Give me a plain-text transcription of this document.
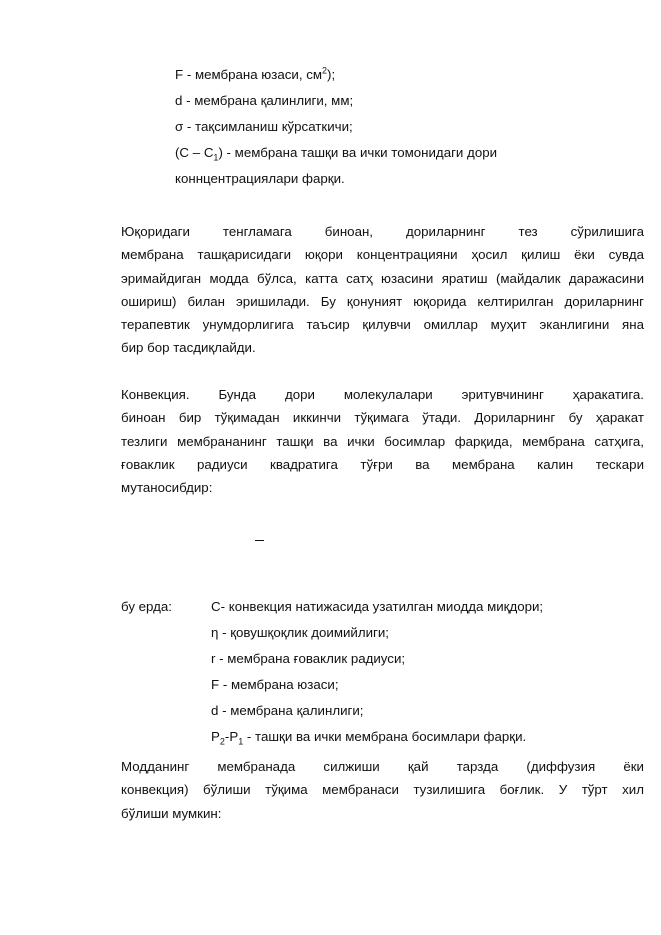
F - мембрана юзаси, $см^2$);
d - мембрана қалинлиги, мм;
σ - тақсимланиш кўрсаткичи;
$(С - С_1)$ - мембрана ташқи ва ички томонидаги дори
коннцентрациялари фарқи.
Юқоридаги тенгламага биноан, дориларнинг тез сўрилишига
мембрана ташқарисидаги юқори концентрацияни ҳосил қилиш ёки сувда
эримайдиган модда бўлса, катта сатҳ юзасини яратиш (майдалик даражасини
ошириш) билан эришилади. Бу қонуният юқорида келтирилган дориларнинг
терапевтик унумдорлигига таъсир қилувчи омиллар муҳит эканлигини яна
бир бор тасдиқлайди.
Конвекция. Бунда дори молекулалари эритувчининг ҳаракатига.
биноан бир тўқимадан иккинчи тўқимага ўтади. Дориларнинг бу ҳаракат
тезлиги мембрананинг ташқи ва ички босимлар фарқида, мембрана сатҳига,
ғоваклик радиуси квадратига тўғри ва мембрана калин тескари
мутаносибдир:
бу ерда:	С- конвекция натижасида узатилган миодда миқдори;
η - қовушқоқлик доимийлиги;
r - мембрана ғоваклик радиуси;
F - мембрана юзаси;
d - мембрана қалинлиги;
$P_2-P_1$ - ташқи ва ички мембрана босимлари фарқи.
Модданинг мембранада силжиши қай тарзда (диффузия ёки
конвекция) бўлиши тўқима мембранаси тузилишига боғлик. У тўрт хил
бўлиши мумкин:
